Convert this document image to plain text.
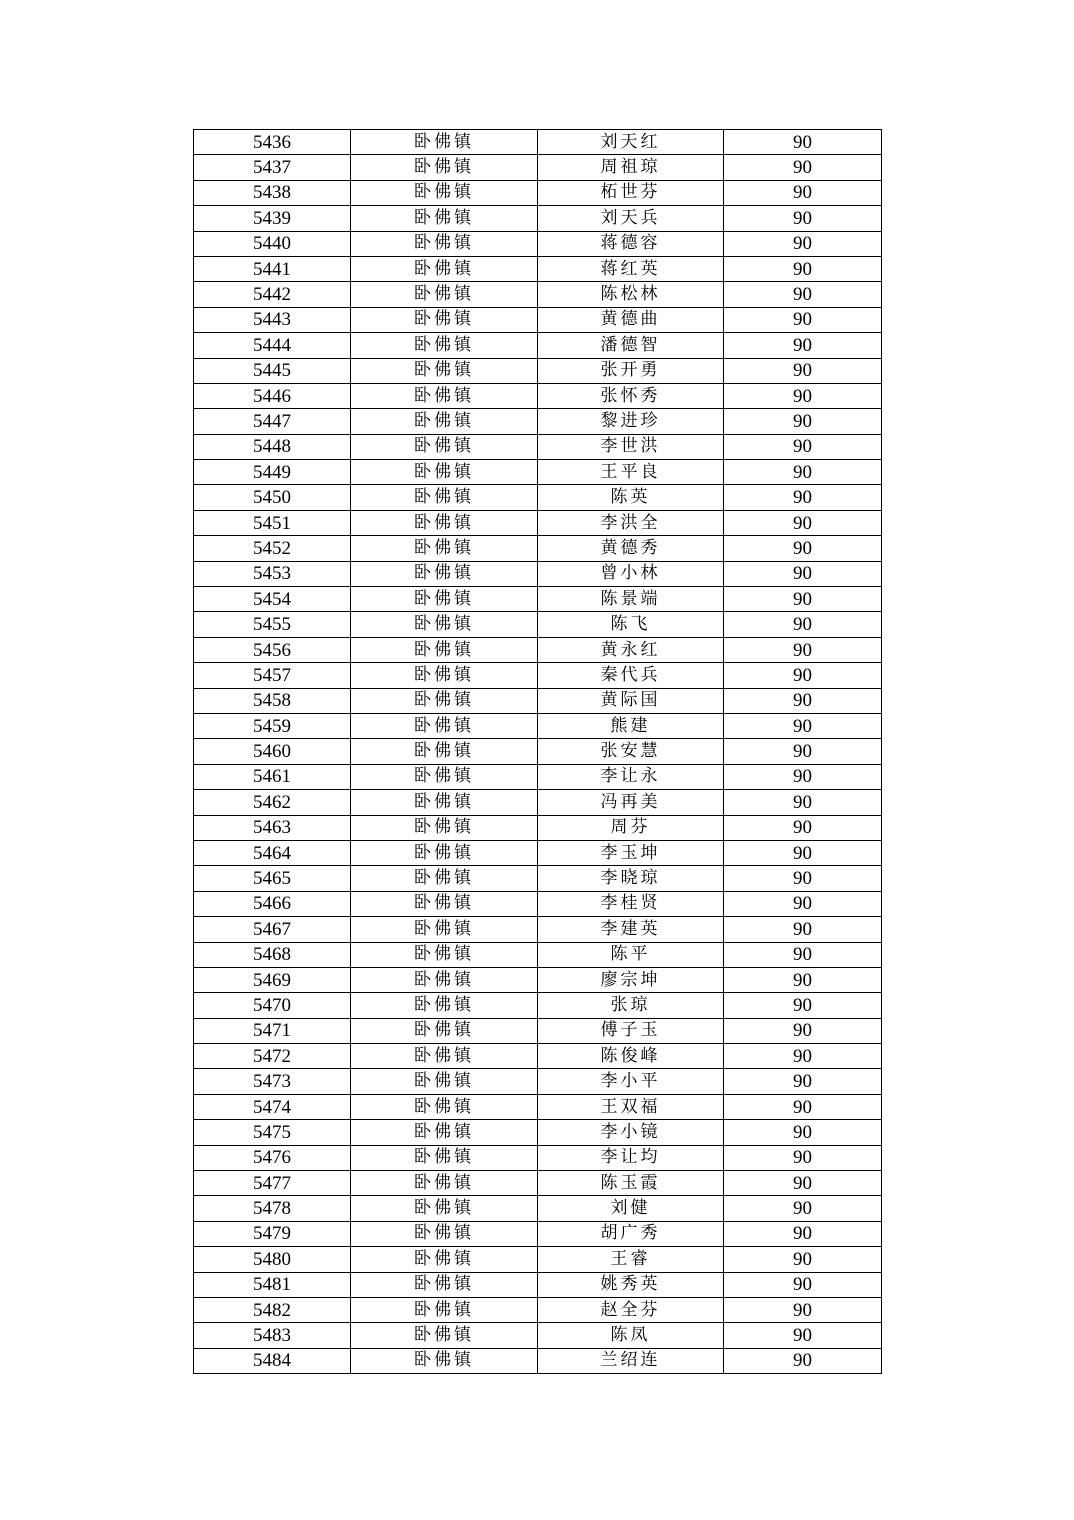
5436	卧佛镇	刘天红	90
5437	卧佛镇	周祖琼	90
5438	卧佛镇	柘世芬	90
5439	卧佛镇	刘天兵	90
5440	卧佛镇	蒋德容	90
5441	卧佛镇	蒋红英	90
5442	卧佛镇	陈松林	90
5443	卧佛镇	黄德曲	90
5444	卧佛镇	潘德智	90
5445	卧佛镇	张开勇	90
5446	卧佛镇	张怀秀	90
5447	卧佛镇	黎进珍	90
5448	卧佛镇	李世洪	90
5449	卧佛镇	王平良	90
5450	卧佛镇	陈英	90
5451	卧佛镇	李洪全	90
5452	卧佛镇	黄德秀	90
5453	卧佛镇	曾小林	90
5454	卧佛镇	陈景端	90
5455	卧佛镇	陈飞	90
5456	卧佛镇	黄永红	90
5457	卧佛镇	秦代兵	90
5458	卧佛镇	黄际国	90
5459	卧佛镇	熊建	90
5460	卧佛镇	张安慧	90
5461	卧佛镇	李让永	90
5462	卧佛镇	冯再美	90
5463	卧佛镇	周芬	90
5464	卧佛镇	李玉坤	90
5465	卧佛镇	李晓琼	90
5466	卧佛镇	李桂贤	90
5467	卧佛镇	李建英	90
5468	卧佛镇	陈平	90
5469	卧佛镇	廖宗坤	90
5470	卧佛镇	张琼	90
5471	卧佛镇	傅子玉	90
5472	卧佛镇	陈俊峰	90
5473	卧佛镇	李小平	90
5474	卧佛镇	王双福	90
5475	卧佛镇	李小镜	90
5476	卧佛镇	李让均	90
5477	卧佛镇	陈玉霞	90
5478	卧佛镇	刘健	90
5479	卧佛镇	胡广秀	90
5480	卧佛镇	王睿	90
5481	卧佛镇	姚秀英	90
5482	卧佛镇	赵全芬	90
5483	卧佛镇	陈凤	90
5484	卧佛镇	兰绍连	90
